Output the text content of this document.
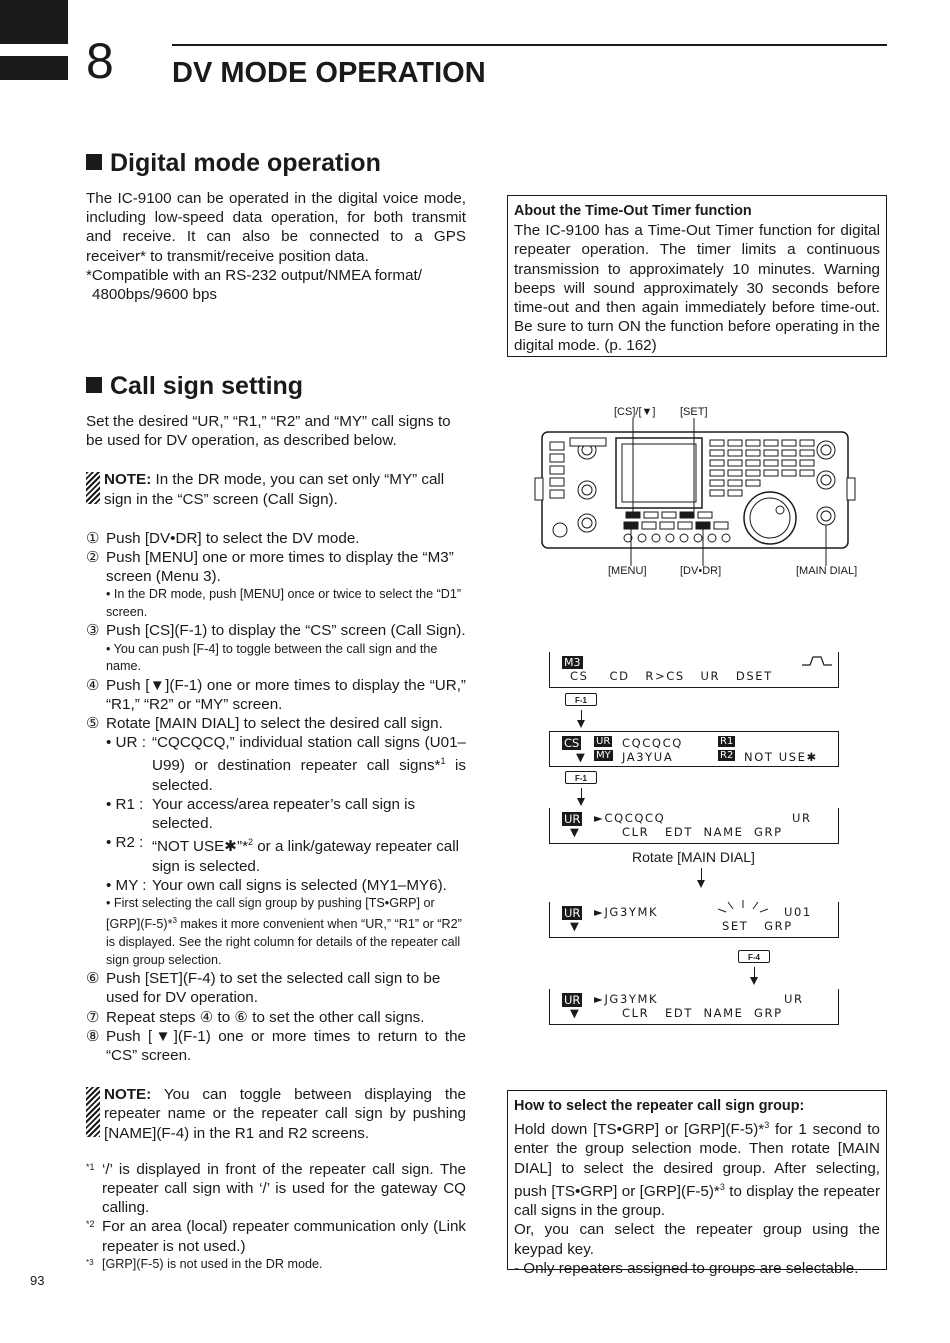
8 DV MODE OPERATION
Digital mode operation

The IC-9100 can be operated in the digital voice mode, including low-speed data operation, for both transmit and receive. It can also be connected to a GPS receiver* to transmit/receive position data.

*Compatible with an RS-232 output/NMEA format/

4800bps/9600 bps

About the Time-Out Timer function

The IC-9100 has a Time-Out Timer function for digital repeater operation. The timer limits a continuous transmission to approximately 10 minutes. Warning beeps will sound approximately 30 seconds before time-out and then again immediately before time-out. Be sure to turn ON the function before operating in the digital mode. (p. 162)

Call sign setting

Set the desired “UR,” “R1,” “R2” and “MY” call signs to be used for DV operation, as described below.

NOTE: In the DR mode, you can set only “MY” call sign in the “CS” screen (Call Sign).

① Push [DV•DR] to select the DV mode.

② Push [MENU] one or more times to display the “M3” screen (Menu 3).

• In the DR mode, push [MENU] once or twice to select the “D1” screen.

③ Push [CS](F-1) to display the “CS” screen (Call Sign).

• You can push [F-4] to toggle between the call sign and the name.

④ Push [▼](F-1) one or more times to display the “UR,” “R1,” “R2” or “MY” screen.

⑤ Rotate [MAIN DIAL] to select the desired call sign.

• UR : “CQCQCQ,” individual station call signs (U01–U99) or destination repeater call signs*$^1$ is selected.

• R1 : Your access/area repeater’s call sign is selected.

• R2 : “NOT USE✱”*$^2$ or a link/gateway repeater call sign is selected.

• MY : Your own call signs is selected (MY1–MY6).

• First selecting the call sign group by pushing [TS•GRP] or [GRP](F-5)*$^3$ makes it more convenient when “UR,” “R1” or “R2” is displayed. See the right column for details of the repeater call sign group selection.

⑥ Push [SET](F-4) to set the selected call sign to be used for DV operation.

⑦ Repeat steps ④ to ⑥ to set the other call signs.

⑧ Push [▼](F-1) one or more times to return to the “CS” screen.

NOTE: You can toggle between displaying the repeater name or the repeater call sign by pushing [NAME](F-4) in the R1 and R2 screens.

*1 ‘/’ is displayed in front of the repeater call sign. The repeater call sign with ‘/’ is used for the gateway CQ calling.

*2 For an area (local) repeater communication only (Link repeater is not used.)

*3 [GRP](F-5) is not used in the DR mode.

[CS]/[▼] [SET]
[MENU]	[DV•DR]	[MAIN DIAL]
M3
CS    CD   R>CS   UR   DSET
F-1
CS UR CQCQCQ	R1
▼ MY JA3YUA	R2 NOT USE✱
F-1
UR ►CQCQCQ	UR
▼	CLR   EDT  NAME  GRP
Rotate [MAIN DIAL]
UR ►JG3YMK	U01
▼	SET   GRP
F-4
UR ►JG3YMK	UR
▼	CLR   EDT  NAME  GRP

How to select the repeater call sign group:

Hold down [TS•GRP] or [GRP](F-5)*$^3$ for 1 second to enter the group selection mode. Then rotate [MAIN DIAL] to select the desired group. After selecting, push [TS•GRP] or [GRP](F-5)*$^3$ to display the repeater call signs in the group.

Or, you can select the repeater group using the keypad key.

- Only repeaters assigned to groups are selectable.

93
